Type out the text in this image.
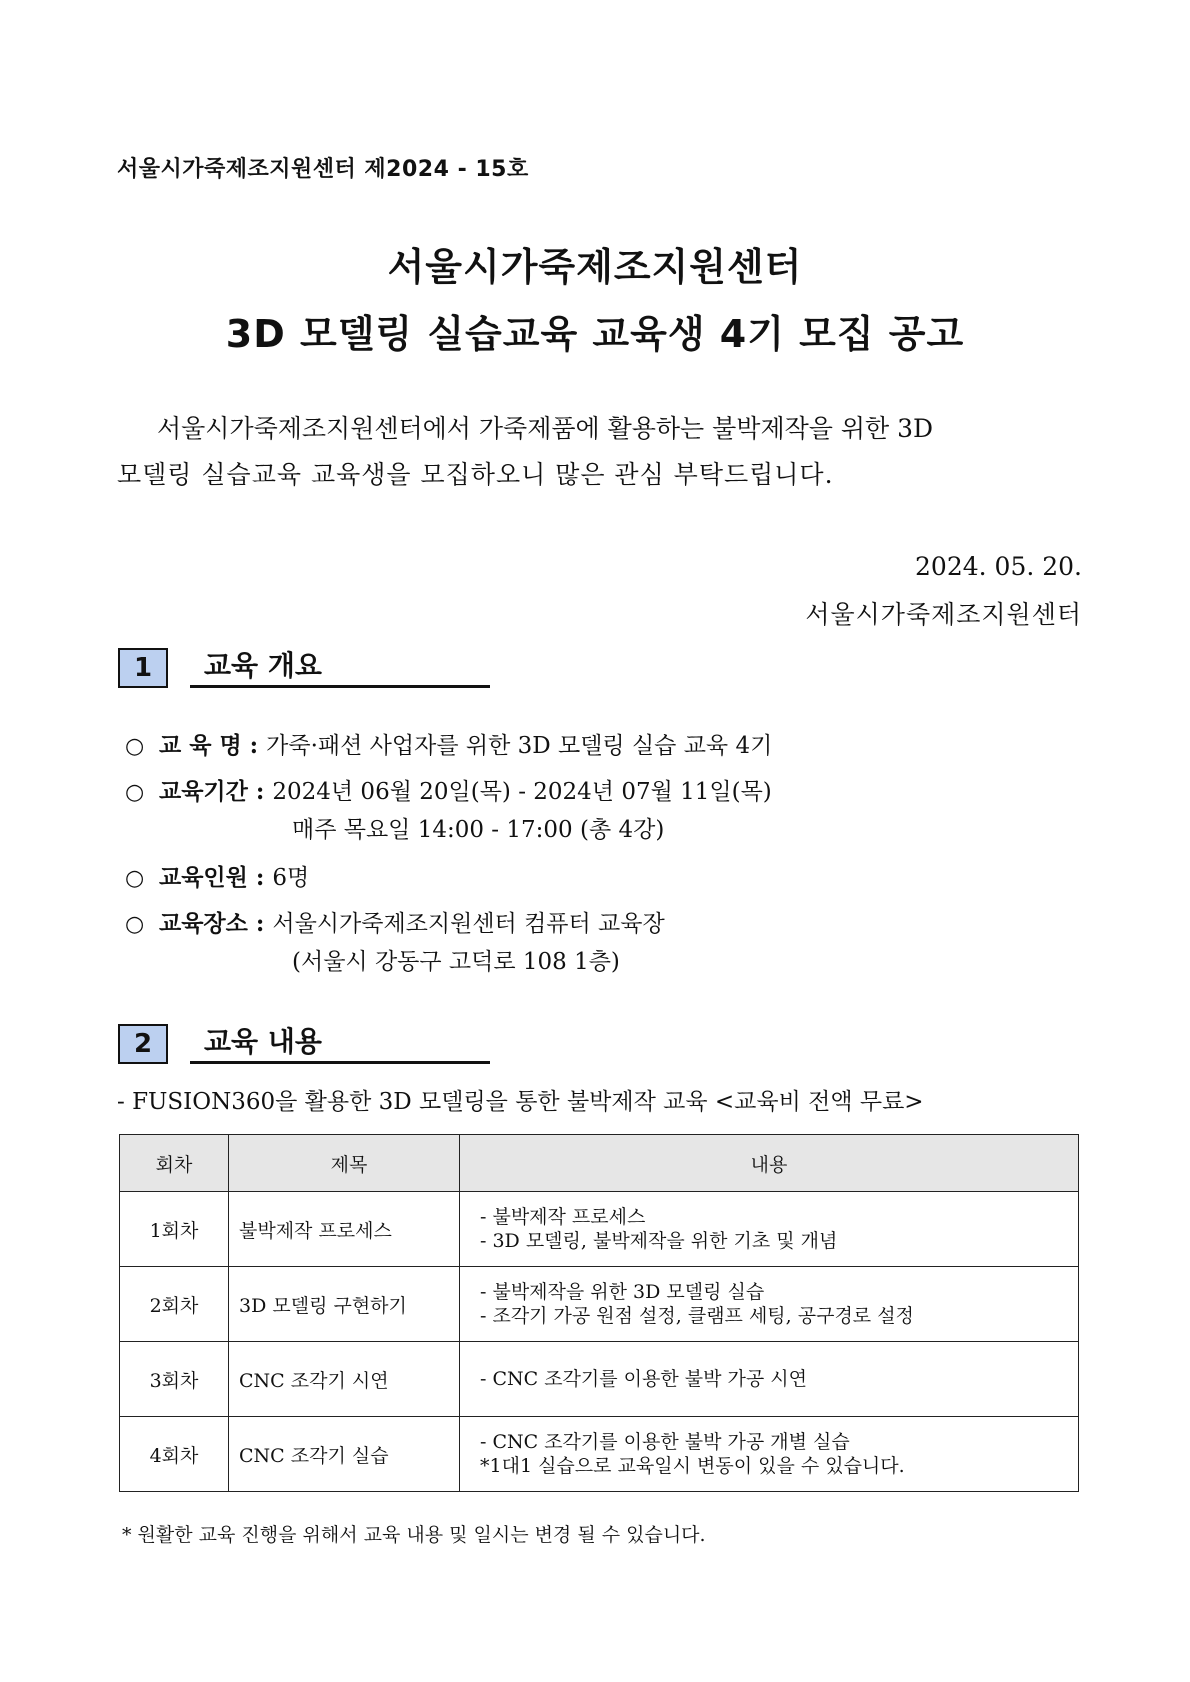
서울시가죽제조지원센터 제2024 - 15호
서울시가죽제조지원센터
3D 모델링 실습교육 교육생 4기 모집 공고
서울시가죽제조지원센터에서 가죽제품에 활용하는 불박제작을 위한 3D
모델링 실습교육 교육생을 모집하오니 많은 관심 부탁드립니다.
2024. 05. 20.
서울시가죽제조지원센터
1	교육 개요
○ 교 육 명 : 가죽·패션 사업자를 위한 3D 모델링 실습 교육 4기
○ 교육기간 : 2024년 06월 20일(목) - 2024년 07월 11일(목)
매주 목요일 14:00 - 17:00 (총 4강)
○ 교육인원 : 6명
○ 교육장소 : 서울시가죽제조지원센터 컴퓨터 교육장
(서울시 강동구 고덕로 108 1층)
2	교육 내용
- FUSION360을 활용한 3D 모델링을 통한 불박제작 교육 <교육비 전액 무료>
회차	제목	내용
1회차	불박제작 프로세스	- 불박제작 프로세스
- 3D 모델링, 불박제작을 위한 기초 및 개념

2회차	3D 모델링 구현하기	- 불박제작을 위한 3D 모델링 실습
- 조각기 가공 원점 설정, 클램프 세팅, 공구경로 설정

3회차	CNC 조각기 시연	- CNC 조각기를 이용한 불박 가공 시연

4회차	CNC 조각기 실습	- CNC 조각기를 이용한 불박 가공 개별 실습
*1대1 실습으로 교육일시 변동이 있을 수 있습니다.
* 원활한 교육 진행을 위해서 교육 내용 및 일시는 변경 될 수 있습니다.
